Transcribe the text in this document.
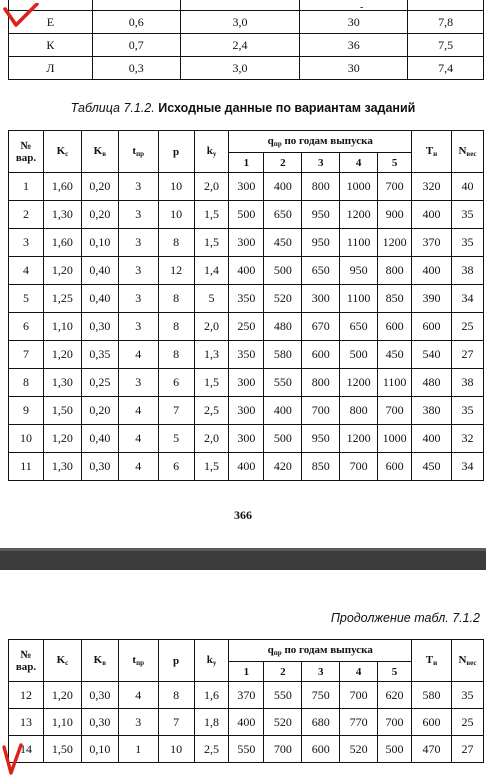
Е	0,6	3,0	30	7,8
К	0,7	2,4	36	7,5
Л	0,3	3,0	30	7,4
-
Таблица 7.1.2. Исходные данные по вариантам заданий
№
вар.	$K_c$	$K_в$	$t_{пр}$	p	$k_у$	$q_{пр}$ по годам выпуска					$T_н$	$N_{вес}$
						1	2	3	4	5		
1	1,60	0,20	3	10	2,0	300	400	800	1000	700	320	40
2	1,30	0,20	3	10	1,5	500	650	950	1200	900	400	35
3	1,60	0,10	3	8	1,5	300	450	950	1100	1200	370	35
4	1,20	0,40	3	12	1,4	400	500	650	950	800	400	38
5	1,25	0,40	3	8	5	350	520	300	1100	850	390	34
6	1,10	0,30	3	8	2,0	250	480	670	650	600	600	25
7	1,20	0,35	4	8	1,3	350	580	600	500	450	540	27
8	1,30	0,25	3	6	1,5	300	550	800	1200	1100	480	38
9	1,50	0,20	4	7	2,5	300	400	700	800	700	380	35
10	1,20	0,40	4	5	2,0	300	500	950	1200	1000	400	32
11	1,30	0,30	4	6	1,5	400	420	850	700	600	450	34
366
Продолжение табл. 7.1.2
№
вар.	$K_c$	$K_в$	$t_{пр}$	p	$k_у$	$q_{пр}$ по годам выпуска					$T_н$	$N_{вес}$
						1	2	3	4	5		
12	1,20	0,30	4	8	1,6	370	550	750	700	620	580	35
13	1,10	0,30	3	7	1,8	400	520	680	770	700	600	25
14	1,50	0,10	1	10	2,5	550	700	600	520	500	470	27
